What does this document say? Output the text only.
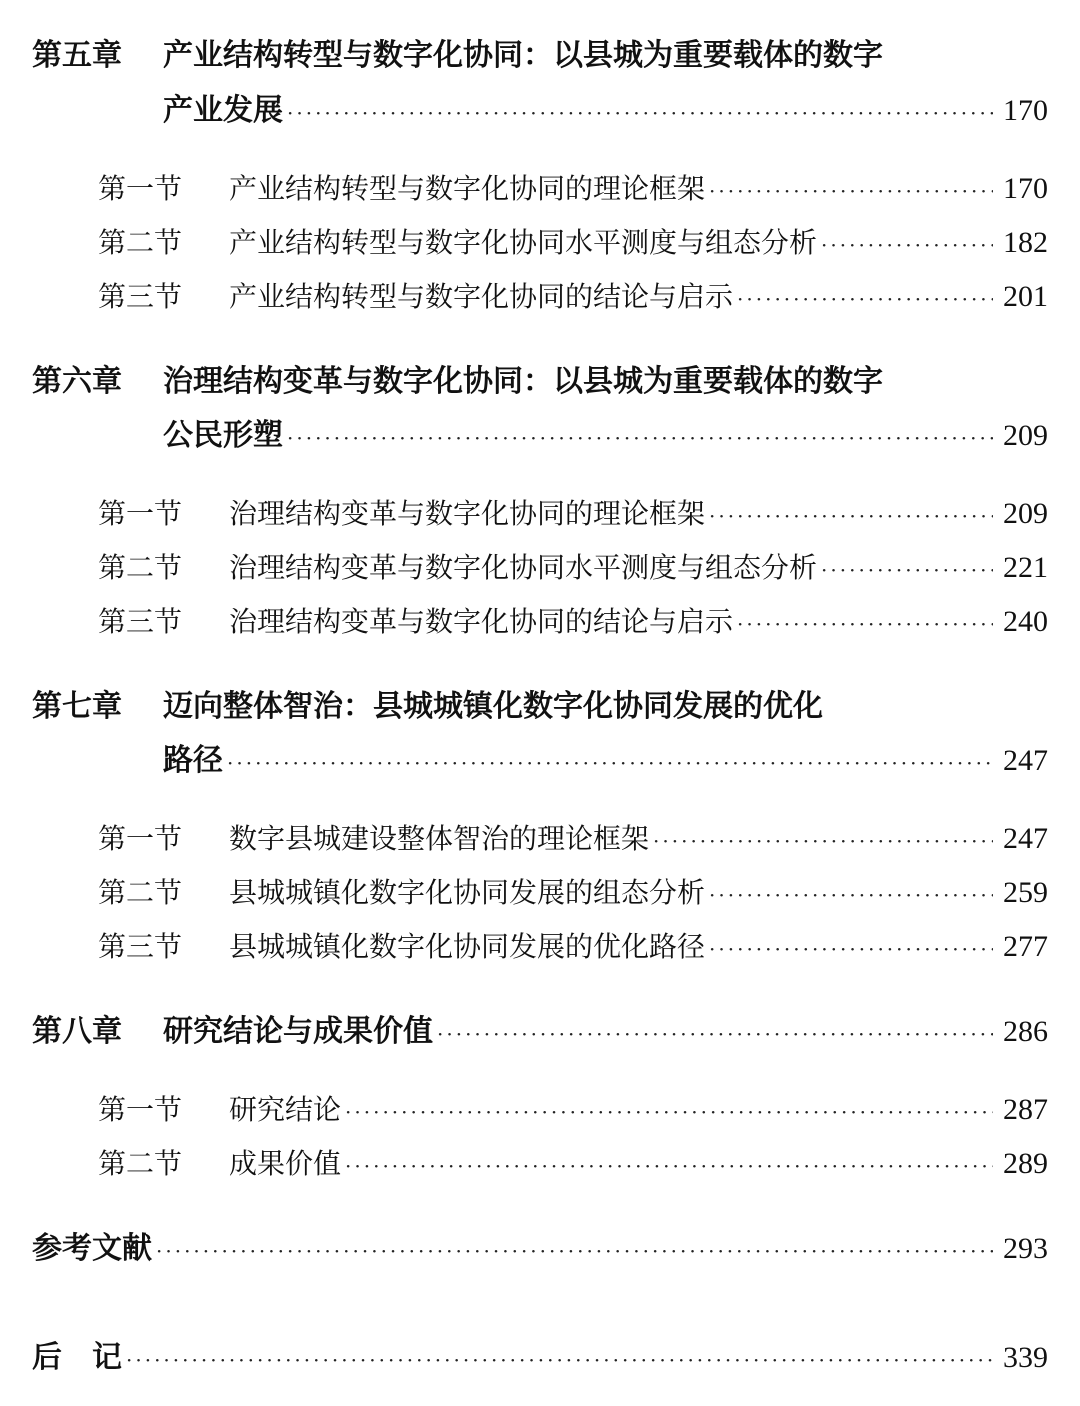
第五章	产业结构转型与数字化协同：以县城为重要载体的数字
产业发展 ·····	170
第一节	产业结构转型与数字化协同的理论框架 ·····	170
第二节	产业结构转型与数字化协同水平测度与组态分析 ·····	182
第三节	产业结构转型与数字化协同的结论与启示 ·····	201
第六章	治理结构变革与数字化协同：以县城为重要载体的数字
公民形塑 ·····	209
第一节	治理结构变革与数字化协同的理论框架 ·····	209
第二节	治理结构变革与数字化协同水平测度与组态分析 ·····	221
第三节	治理结构变革与数字化协同的结论与启示 ·····	240
第七章	迈向整体智治：县城城镇化数字化协同发展的优化
路径 ·····	247
第一节	数字县城建设整体智治的理论框架 ·····	247
第二节	县城城镇化数字化协同发展的组态分析 ·····	259
第三节	县城城镇化数字化协同发展的优化路径 ·····	277
第八章	研究结论与成果价值 ·····	286
第一节	研究结论 ·····	287
第二节	成果价值 ·····	289
参考文献 ·····	293
后　记 ·····	339
